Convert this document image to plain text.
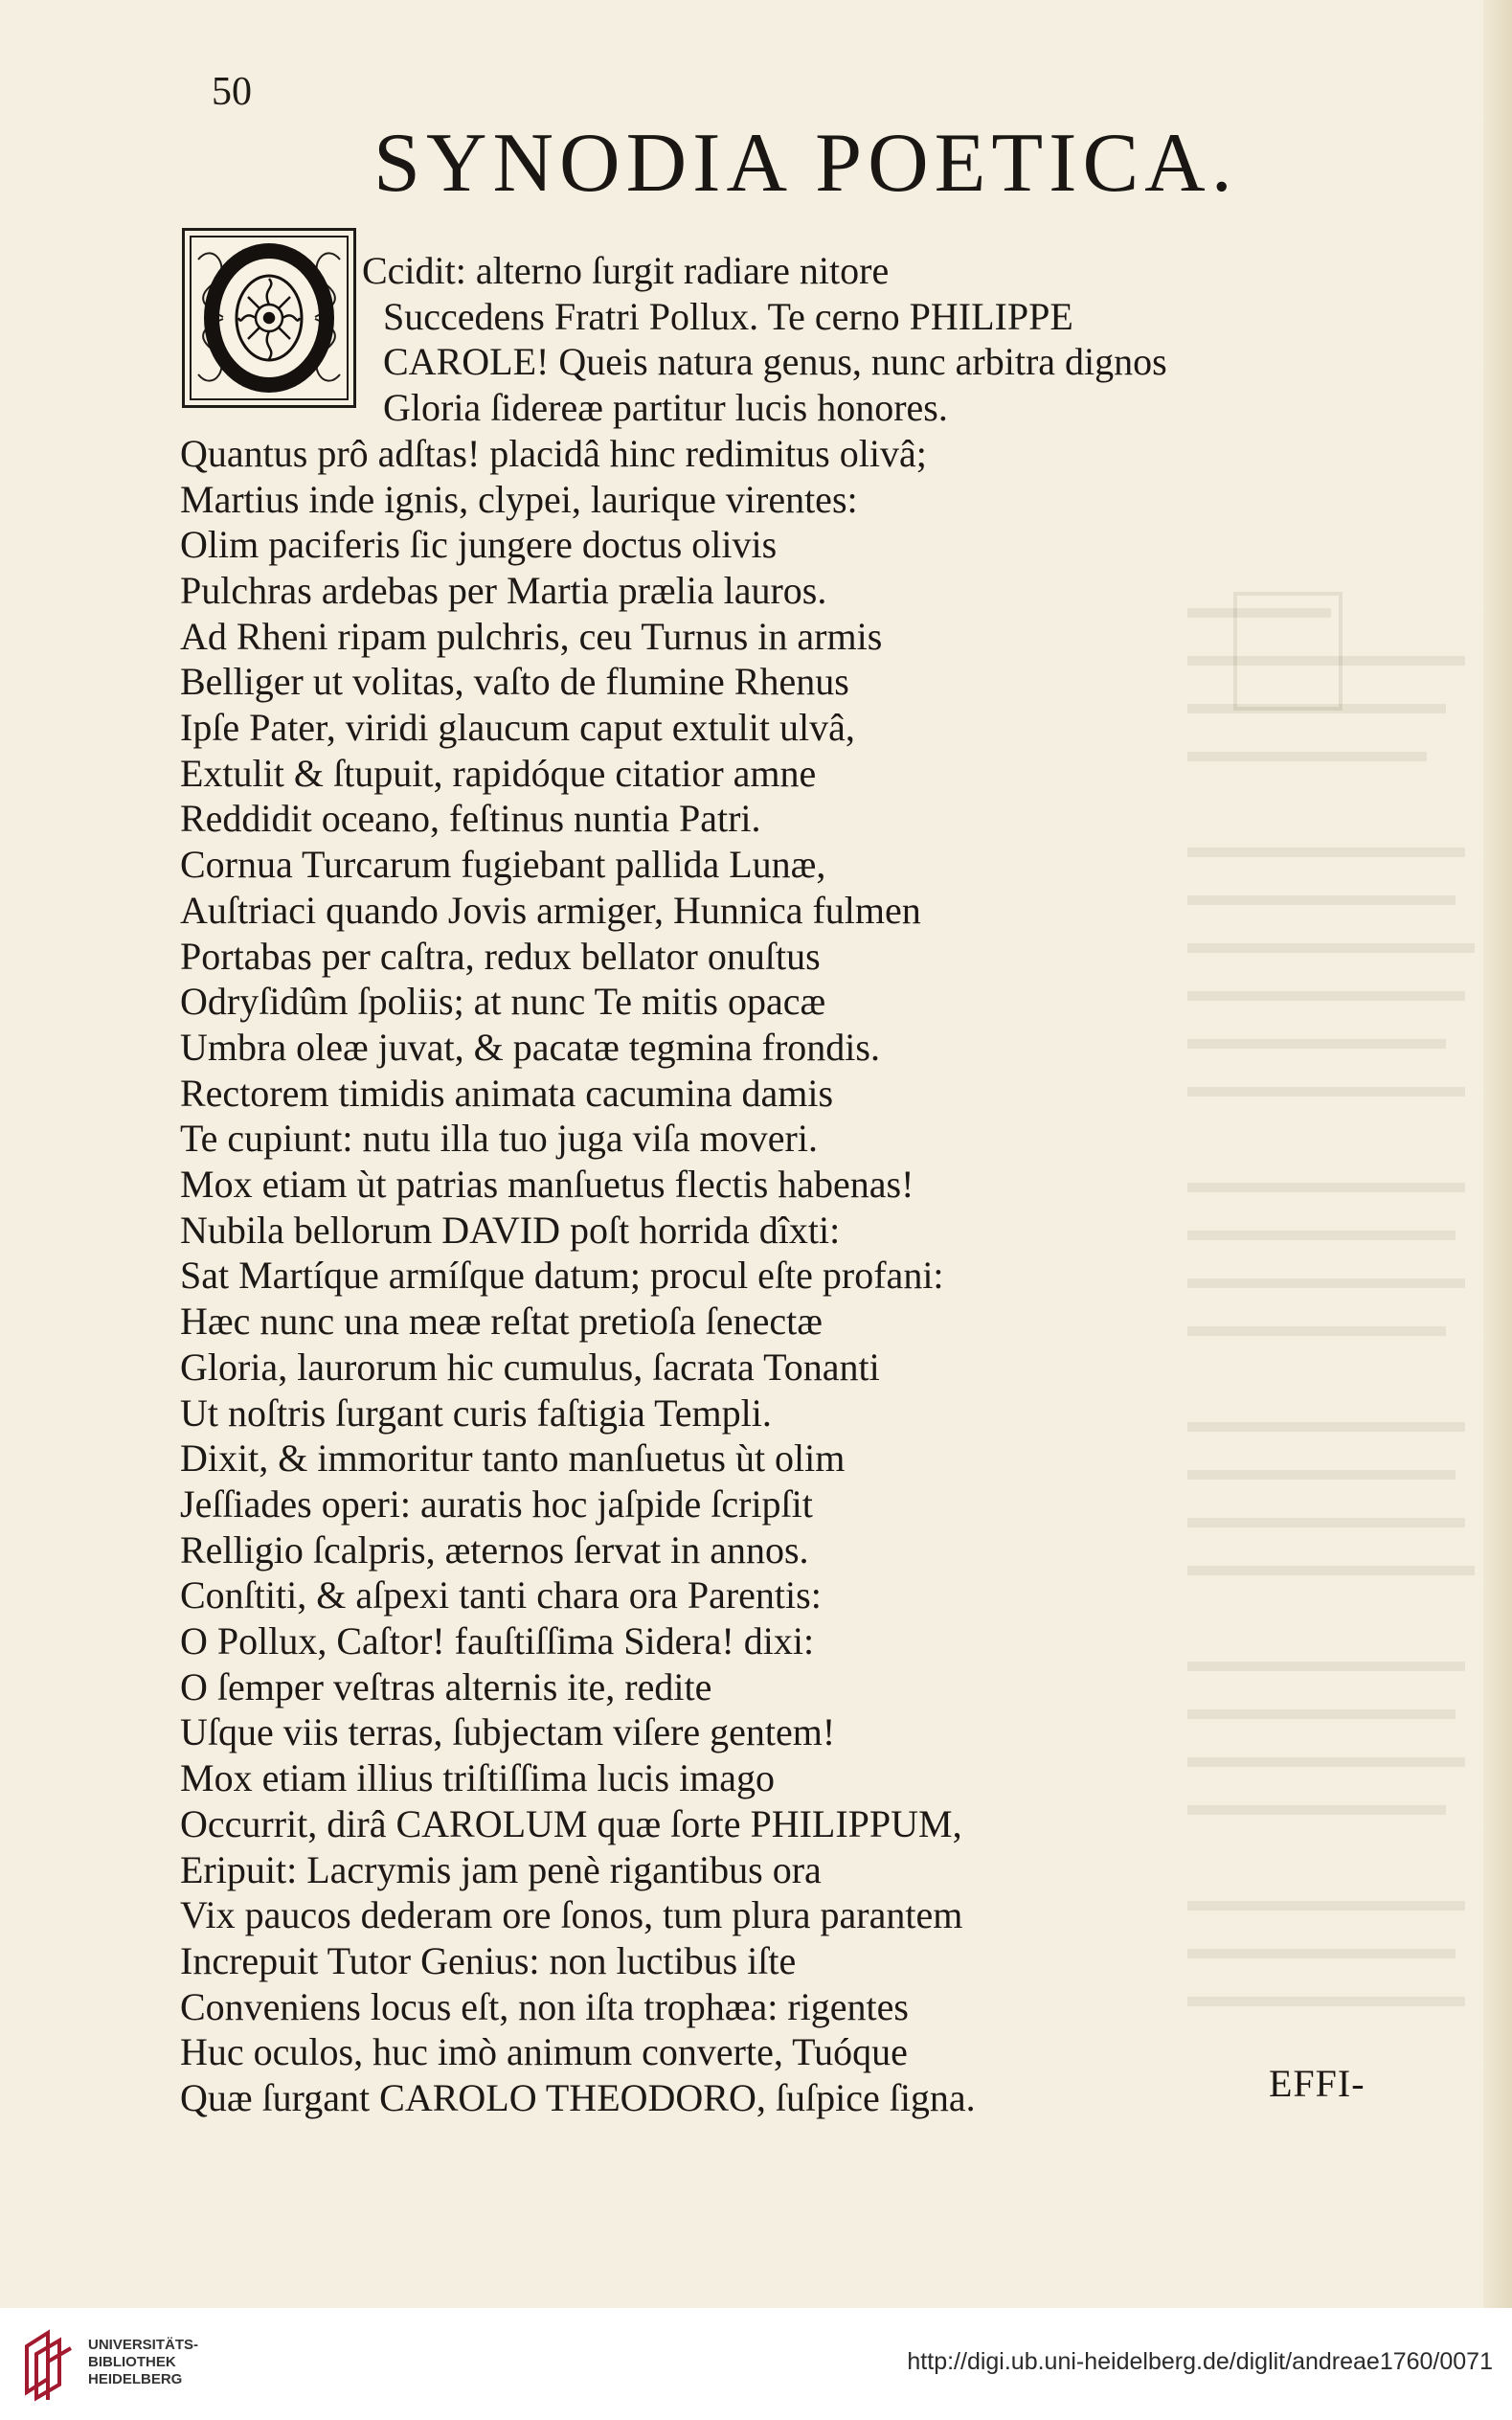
50
SYNODIA POETICA.
O
Ccidit: alterno ſurgit radiare nitore
Succedens Fratri Pollux. Te cerno PHILIPPE
CAROLE! Queis natura genus, nunc arbitra dignos
Gloria ſidereæ partitur lucis honores.
Quantus prô adſtas! placidâ hinc redimitus olivâ;
Martius inde ignis, clypei, laurique virentes:
Olim paciferis ſic jungere doctus olivis
Pulchras ardebas per Martia prælia lauros.
Ad Rheni ripam pulchris, ceu Turnus in armis
Belliger ut volitas, vaſto de flumine Rhenus
Ipſe Pater, viridi glaucum caput extulit ulvâ,
Extulit & ſtupuit, rapidóque citatior amne
Reddidit oceano, feſtinus nuntia Patri.
Cornua Turcarum fugiebant pallida Lunæ,
Auſtriaci quando Jovis armiger, Hunnica fulmen
Portabas per caſtra, redux bellator onuſtus
Odryſidûm ſpoliis; at nunc Te mitis opacæ
Umbra oleæ juvat, & pacatæ tegmina frondis.
Rectorem timidis animata cacumina damis
Te cupiunt: nutu illa tuo juga viſa moveri.
Mox etiam ùt patrias manſuetus flectis habenas!
Nubila bellorum DAVID poſt horrida dîxti:
Sat Martíque armíſque datum; procul eſte profani:
Hæc nunc una meæ reſtat pretioſa ſenectæ
Gloria, laurorum hic cumulus, ſacrata Tonanti
Ut noſtris ſurgant curis faſtigia Templi.
Dixit, & immoritur tanto manſuetus ùt olim
Jeſſiades operi: auratis hoc jaſpide ſcripſit
Relligio ſcalpris, æternos ſervat in annos.
Conſtiti, & aſpexi tanti chara ora Parentis:
O Pollux, Caſtor! fauſtiſſima Sidera! dixi:
O ſemper veſtras alternis ite, redite
Uſque viis terras, ſubjectam viſere gentem!
Mox etiam illius triſtiſſima lucis imago
Occurrit, dirâ CAROLUM quæ ſorte PHILIPPUM,
Eripuit: Lacrymis jam penè rigantibus ora
Vix paucos dederam ore ſonos, tum plura parantem
Increpuit Tutor Genius: non luctibus iſte
Conveniens locus eſt, non iſta trophæa: rigentes
Huc oculos, huc imò animum converte, Tuóque
Quæ ſurgant CAROLO THEODORO, ſuſpice ſigna.	EFFI-
UNIVERSITÄTS-
BIBLIOTHEK
HEIDELBERG
http://digi.ub.uni-heidelberg.de/diglit/andreae1760/0071
